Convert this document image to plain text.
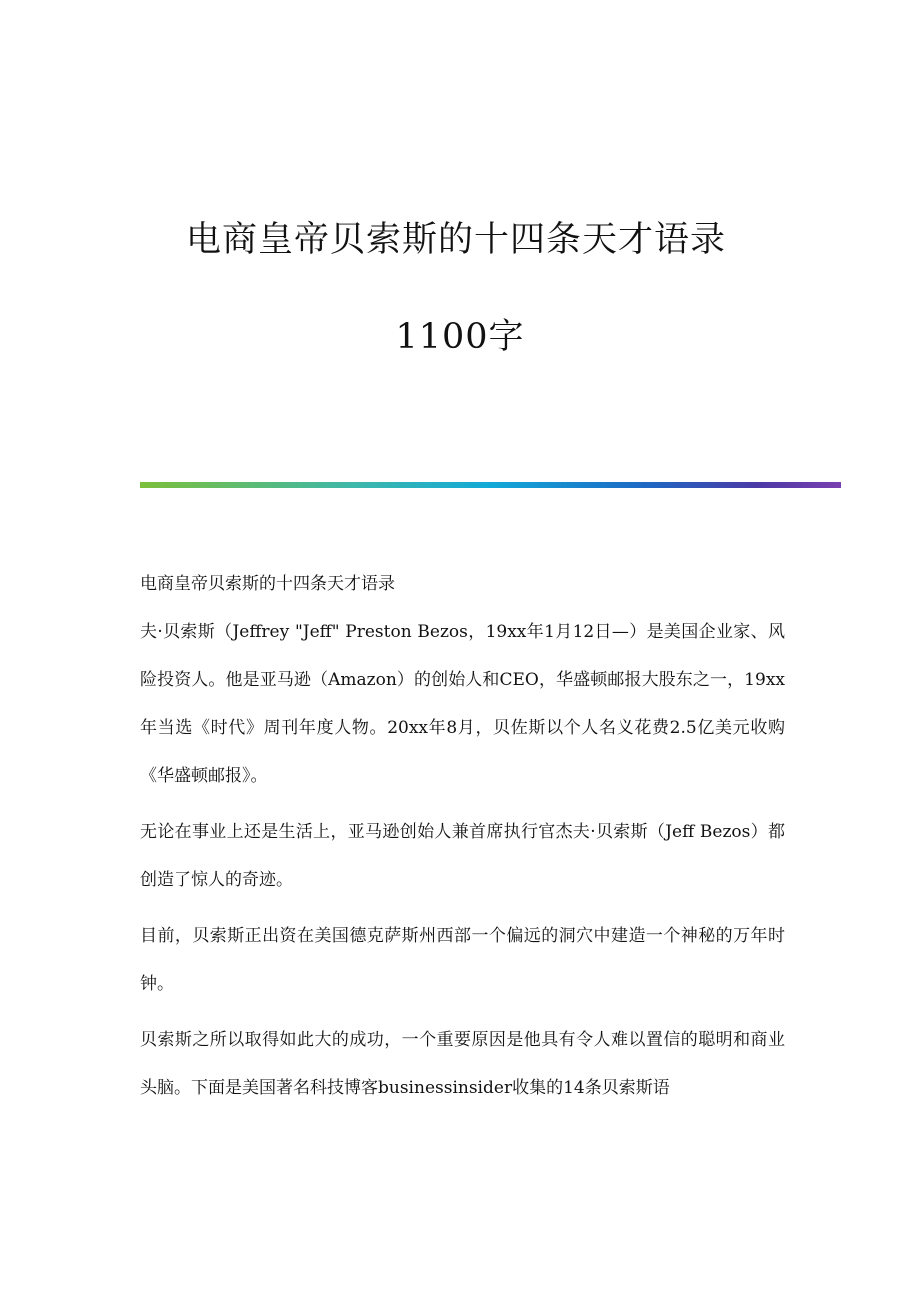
电商皇帝贝索斯的十四条天才语录
1100字

电商皇帝贝索斯的十四条天才语录

夫·贝索斯（Jeffrey "Jeff" Preston Bezos，19xx年1月12日—）是美国企业家、风险投资人。他是亚马逊（Amazon）的创始人和CEO，华盛顿邮报大股东之一，19xx年当选《时代》周刊年度人物。20xx年8月，贝佐斯以个人名义花费2.5亿美元收购《华盛顿邮报》。

无论在事业上还是生活上，亚马逊创始人兼首席执行官杰夫·贝索斯（Jeff Bezos）都创造了惊人的奇迹。

目前，贝索斯正出资在美国德克萨斯州西部一个偏远的洞穴中建造一个神秘的万年时钟。

贝索斯之所以取得如此大的成功，一个重要原因是他具有令人难以置信的聪明和商业头脑。下面是美国著名科技博客businessinsider收集的14条贝索斯语
